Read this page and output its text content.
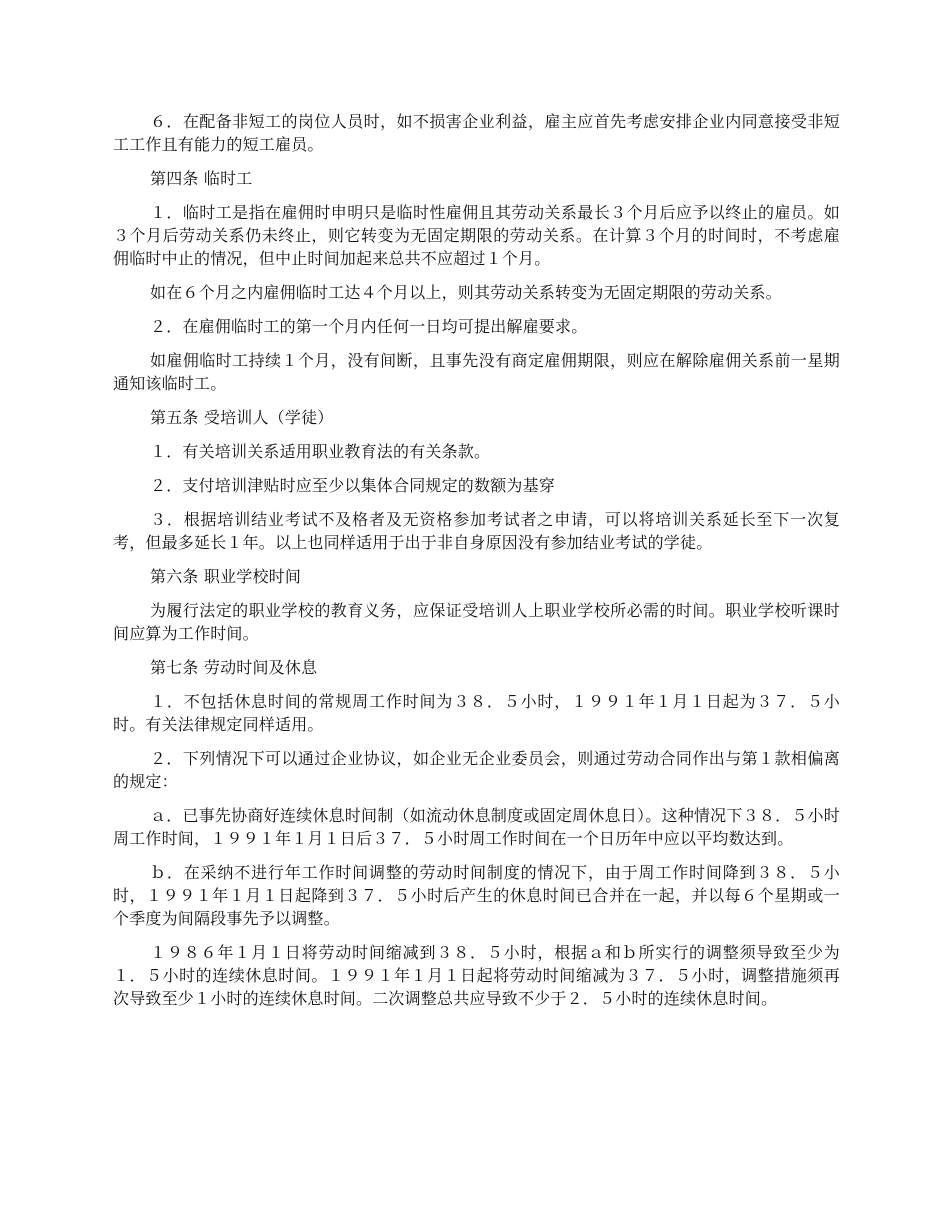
６．在配备非短工的岗位人员时，如不损害企业利益，雇主应首先考虑安排企业内同意接受非短工工作且有能力的短工雇员。

第四条 临时工

１．临时工是指在雇佣时申明只是临时性雇佣且其劳动关系最长３个月后应予以终止的雇员。如３个月后劳动关系仍未终止，则它转变为无固定期限的劳动关系。在计算３个月的时间时，不考虑雇佣临时中止的情况，但中止时间加起来总共不应超过１个月。

如在６个月之内雇佣临时工达４个月以上，则其劳动关系转变为无固定期限的劳动关系。

２．在雇佣临时工的第一个月内任何一日均可提出解雇要求。

如雇佣临时工持续１个月，没有间断，且事先没有商定雇佣期限，则应在解除雇佣关系前一星期通知该临时工。

第五条 受培训人（学徒）

１．有关培训关系适用职业教育法的有关条款。

２．支付培训津贴时应至少以集体合同规定的数额为基穿

３．根据培训结业考试不及格者及无资格参加考试者之申请，可以将培训关系延长至下一次复考，但最多延长１年。以上也同样适用于出于非自身原因没有参加结业考试的学徒。

第六条 职业学校时间

为履行法定的职业学校的教育义务，应保证受培训人上职业学校所必需的时间。职业学校听课时间应算为工作时间。

第七条 劳动时间及休息

１．不包括休息时间的常规周工作时间为３８．５小时，１９９１年１月１日起为３７．５小时。有关法律规定同样适用。

２．下列情况下可以通过企业协议，如企业无企业委员会，则通过劳动合同作出与第１款相偏离的规定：

ａ．已事先协商好连续休息时间制（如流动休息制度或固定周休息日）。这种情况下３８．５小时周工作时间，１９９１年１月１日后３７．５小时周工作时间在一个日历年中应以平均数达到。

ｂ．在采纳不进行年工作时间调整的劳动时间制度的情况下，由于周工作时间降到３８．５小时，１９９１年１月１日起降到３７．５小时后产生的休息时间已合并在一起，并以每６个星期或一个季度为间隔段事先予以调整。

１９８６年１月１日将劳动时间缩减到３８．５小时，根据ａ和ｂ所实行的调整须导致至少为１．５小时的连续休息时间。１９９１年１月１日起将劳动时间缩减为３７．５小时，调整措施须再次导致至少１小时的连续休息时间。二次调整总共应导致不少于２．５小时的连续休息时间。
